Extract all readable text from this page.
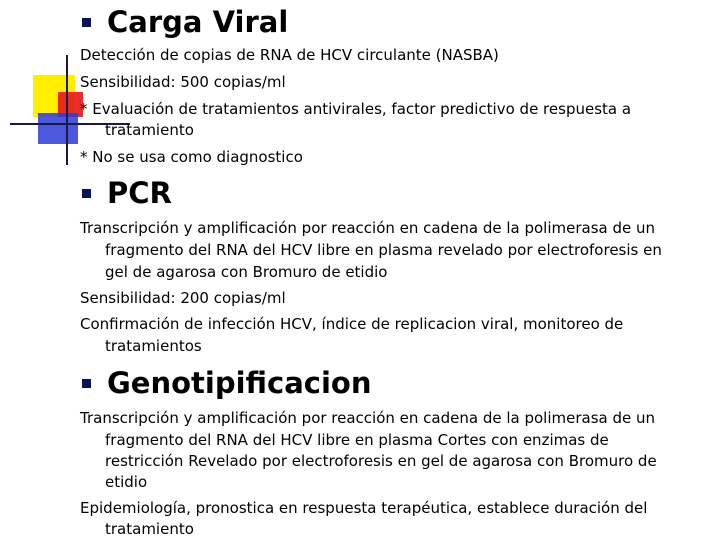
Carga Viral
Detección de copias de RNA de HCV circulante (NASBA)
Sensibilidad: 500 copias/ml
* Evaluación de tratamientos antivirales, factor predictivo de respuesta a
tratamiento
* No se usa como diagnostico
PCR
Transcripción y amplificación por reacción en cadena de la polimerasa de un
fragmento del RNA del HCV libre en plasma revelado por electroforesis en
gel de agarosa con Bromuro de etidio
Sensibilidad: 200 copias/ml
Confirmación de infección HCV, índice de replicacion viral, monitoreo de
tratamientos
Genotipificacion
Transcripción y amplificación por reacción en cadena de la polimerasa de un
fragmento del RNA del HCV libre en plasma Cortes con enzimas de
restricción Revelado por electroforesis en gel de agarosa con Bromuro de
etidio
Epidemiología, pronostica en respuesta terapéutica, establece duración del
tratamiento
